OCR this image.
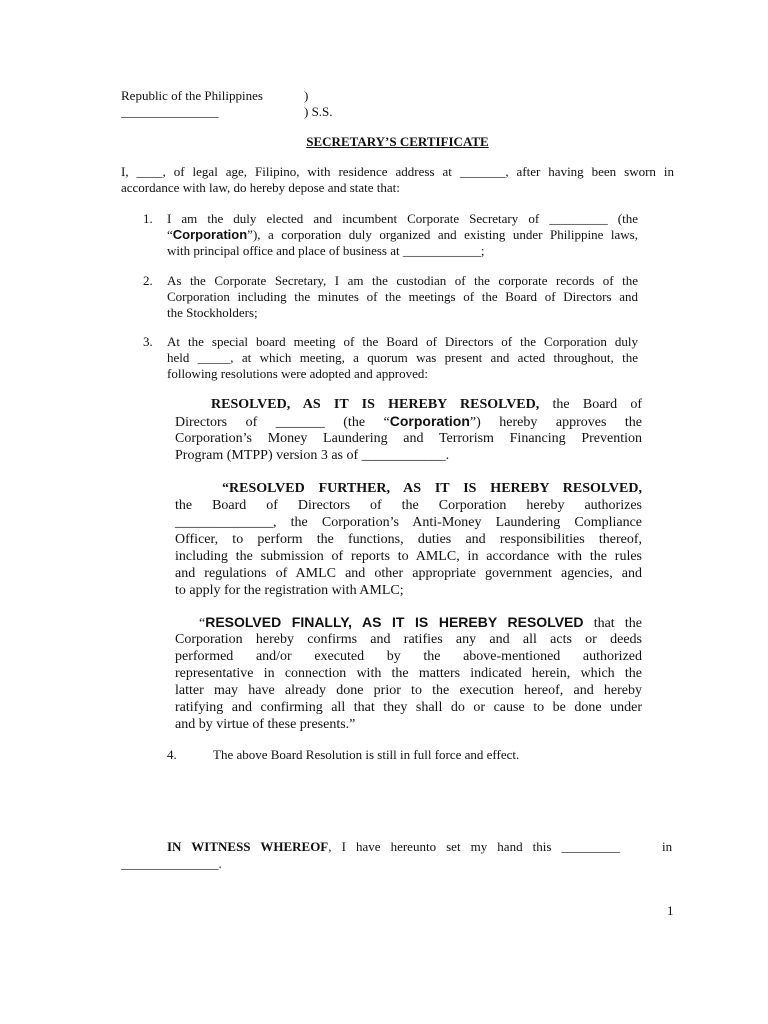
Republic of the Philippines	)
_______________	) S.S.
SECRETARY’S CERTIFICATE
I, ____, of legal age, Filipino, with residence address at _______, after having been sworn in
accordance with law, do hereby depose and state that:
1. I am the duly elected and incumbent Corporate Secretary of _________ (the
“Corporation”), a corporation duly organized and existing under Philippine laws,
with principal office and place of business at ____________;
2. As the Corporate Secretary, I am the custodian of the corporate records of the
Corporation including the minutes of the meetings of the Board of Directors and
the Stockholders;
3. At the special board meeting of the Board of Directors of the Corporation duly
held _____, at which meeting, a quorum was present and acted throughout, the
following resolutions were adopted and approved:
RESOLVED, AS IT IS HEREBY RESOLVED, the Board of
Directors of _______ (the “Corporation”) hereby approves the
Corporation’s Money Laundering and Terrorism Financing Prevention
Program (MTPP) version 3 as of ____________.
“RESOLVED FURTHER, AS IT IS HEREBY RESOLVED,
the Board of Directors of the Corporation hereby authorizes
______________, the Corporation’s Anti-Money Laundering Compliance
Officer, to perform the functions, duties and responsibilities thereof,
including the submission of reports to AMLC, in accordance with the rules
and regulations of AMLC and other appropriate government agencies, and
to apply for the registration with AMLC;
“RESOLVED FINALLY, AS IT IS HEREBY RESOLVED that the
Corporation hereby confirms and ratifies any and all acts or deeds
performed and/or executed by the above-mentioned authorized
representative in connection with the matters indicated herein, which the
latter may have already done prior to the execution hereof, and hereby
ratifying and confirming all that they shall do or cause to be done under
and by virtue of these presents.”
4.	The above Board Resolution is still in full force and effect.
IN WITNESS WHEREOF, I have hereunto set my hand this _________	in
_______________.
1
